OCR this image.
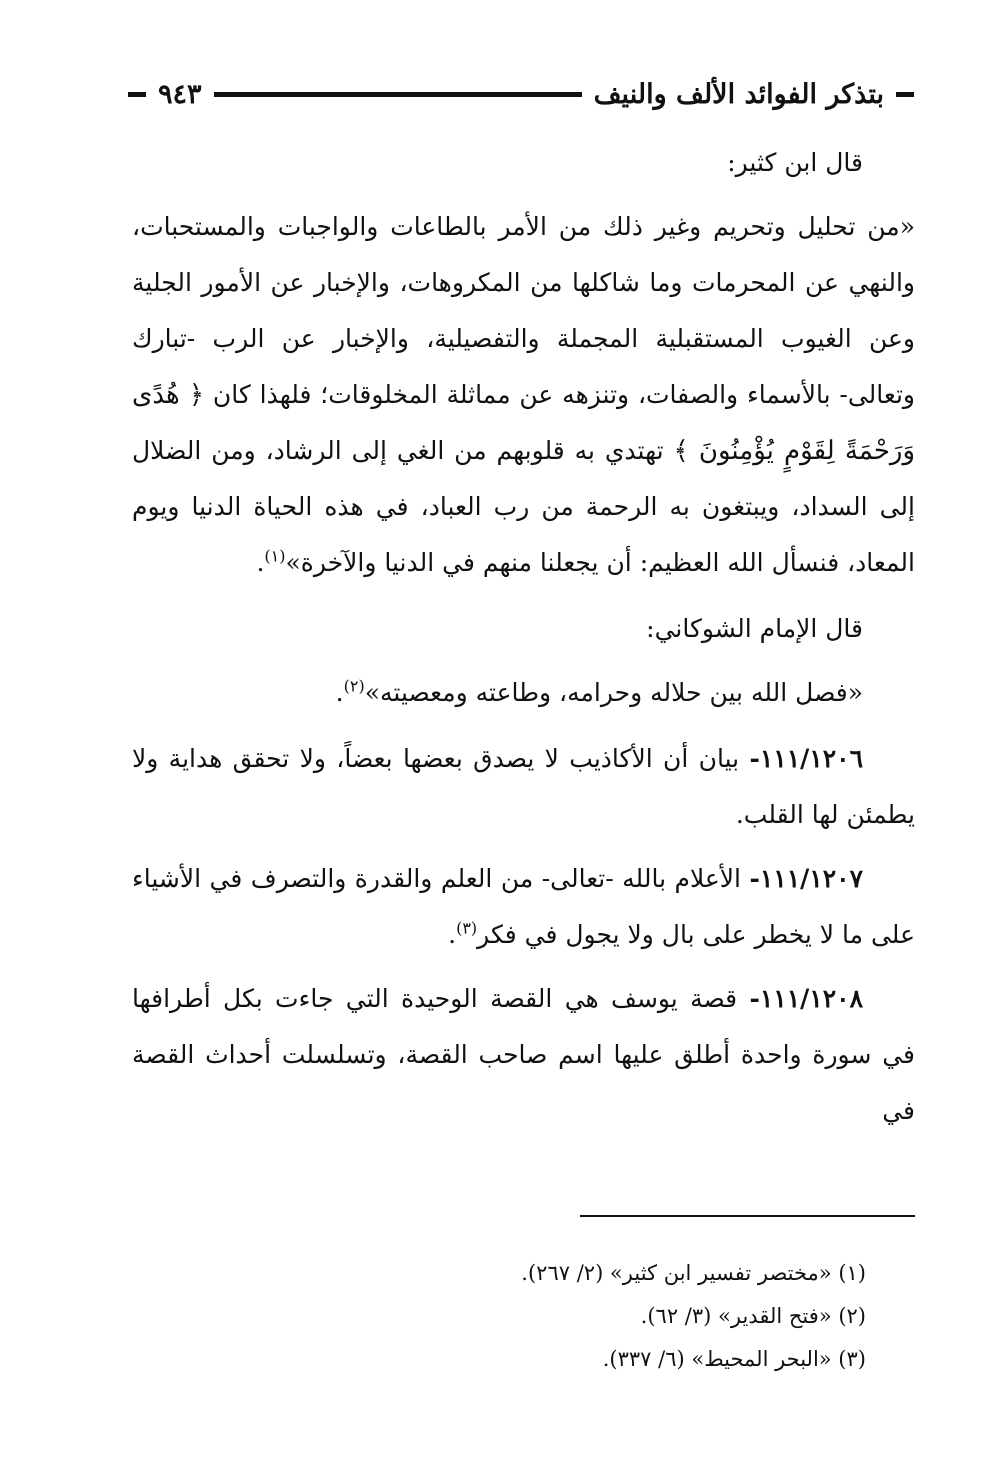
بتذكر الفوائد الألف والنيف
٩٤٣

قال ابن كثير:

«من تحليل وتحريم وغير ذلك من الأمر بالطاعات والواجبات والمستحبات، والنهي عن المحرمات وما شاكلها من المكروهات، والإخبار عن الأمور الجلية وعن الغيوب المستقبلية المجملة والتفصيلية، والإخبار عن الرب -تبارك وتعالى- بالأسماء والصفات، وتنزهه عن مماثلة المخلوقات؛ فلهذا كان ﴿ هُدًى وَرَحْمَةً لِقَوْمٍ يُؤْمِنُونَ ﴾ تهتدي به قلوبهم من الغي إلى الرشاد، ومن الضلال إلى السداد، ويبتغون به الرحمة من رب العباد، في هذه الحياة الدنيا ويوم المعاد، فنسأل الله العظيم: أن يجعلنا منهم في الدنيا والآخرة»$^{(١)}$.

قال الإمام الشوكاني:

«فصل الله بين حلاله وحرامه، وطاعته ومعصيته»$^{(٢)}$.

١١١/١٢٠٦- بيان أن الأكاذيب لا يصدق بعضها بعضاً، ولا تحقق هداية ولا يطمئن لها القلب.

١١١/١٢٠٧- الأعلام بالله -تعالى- من العلم والقدرة والتصرف في الأشياء على ما لا يخطر على بال ولا يجول في فكر$^{(٣)}$.

١١١/١٢٠٨- قصة يوسف هي القصة الوحيدة التي جاءت بكل أطرافها في سورة واحدة أطلق عليها اسم صاحب القصة، وتسلسلت أحداث القصة في

(١) «مختصر تفسير ابن كثير» (٢/ ٢٦٧).
(٢) «فتح القدير» (٣/ ٦٢).
(٣) «البحر المحيط» (٦/ ٣٣٧).
